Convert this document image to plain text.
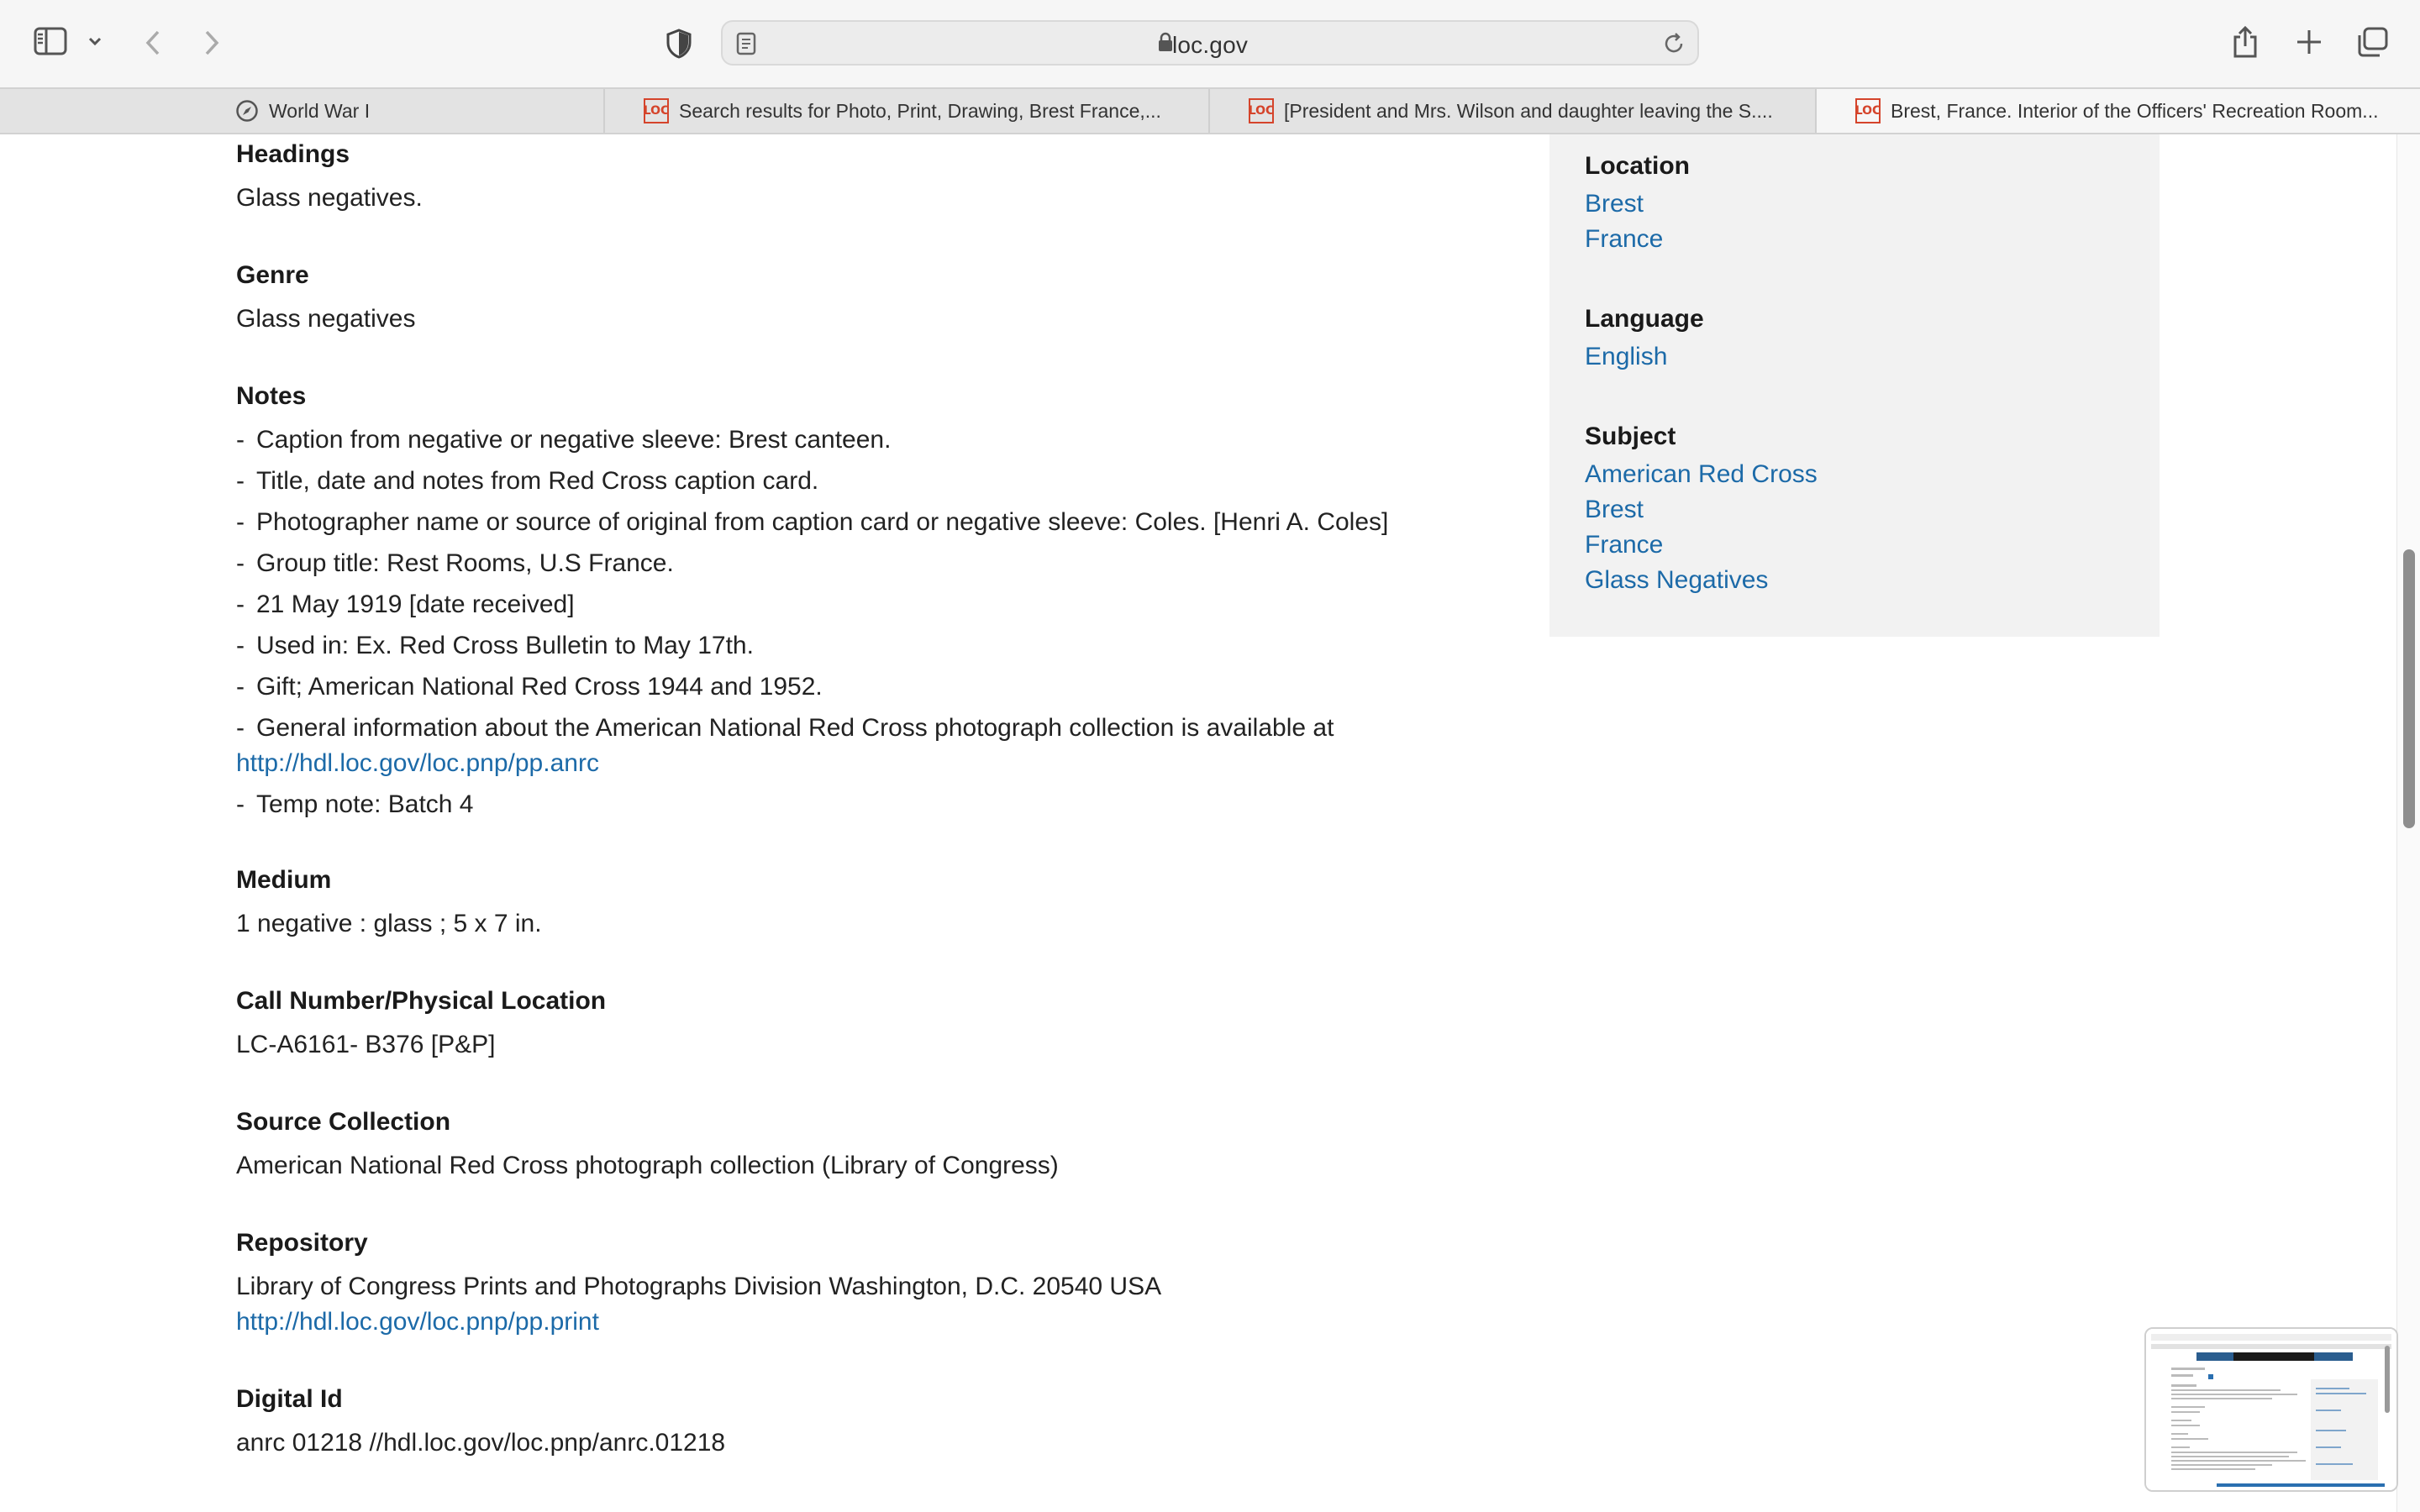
loc.gov
World War I	LOC Search results for Photo, Print, Drawing, Brest France,...	LOC [President and Mrs. Wilson and daughter leaving the S....	LOC Brest, France. Interior of the Officers' Recreation Room...

Headings

Glass negatives.

Genre

Glass negatives

Notes

- Caption from negative or negative sleeve: Brest canteen.
- Title, date and notes from Red Cross caption card.
- Photographer name or source of original from caption card or negative sleeve: Coles. [Henri A. Coles]
- Group title: Rest Rooms, U.S France.
- 21 May 1919 [date received]
- Used in: Ex. Red Cross Bulletin to May 17th.
- Gift; American National Red Cross 1944 and 1952.
- General information about the American National Red Cross photograph collection is available at
http://hdl.loc.gov/loc.pnp/pp.anrc
- Temp note: Batch 4

Medium

1 negative : glass ; 5 x 7 in.

Call Number/Physical Location

LC-A6161- B376 [P&P]

Source Collection

American National Red Cross photograph collection (Library of Congress)

Repository

Library of Congress Prints and Photographs Division Washington, D.C. 20540 USA

http://hdl.loc.gov/loc.pnp/pp.print

Digital Id

anrc 01218 //hdl.loc.gov/loc.pnp/anrc.01218

Location

Brest
France

Language

English

Subject

American Red Cross
Brest
France
Glass Negatives
